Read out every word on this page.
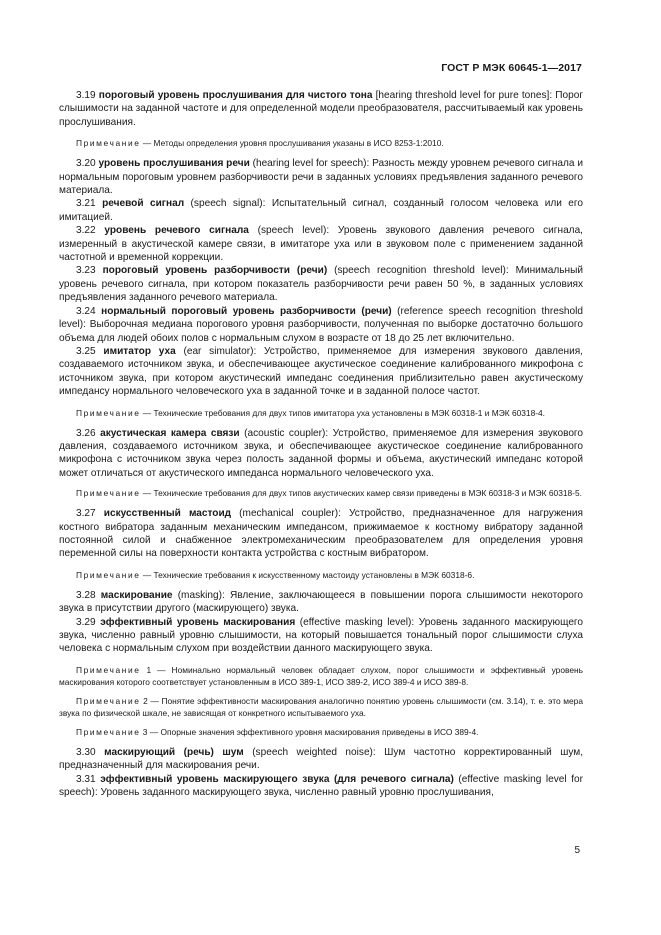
ГОСТ Р МЭК 60645-1—2017

3.19 пороговый уровень прослушивания для чистого тона [hearing threshold level for pure tones]: Порог слышимости на заданной частоте и для определенной модели преобразователя, рассчитываемый как уровень прослушивания.

Примечание — Методы определения уровня прослушивания указаны в ИСО 8253-1:2010.

3.20 уровень прослушивания речи (hearing level for speech): Разность между уровнем речевого сигнала и нормальным пороговым уровнем разборчивости речи в заданных условиях предъявления заданного речевого материала.

3.21 речевой сигнал (speech signal): Испытательный сигнал, созданный голосом человека или его имитацией.

3.22 уровень речевого сигнала (speech level): Уровень звукового давления речевого сигнала, измеренный в акустической камере связи, в имитаторе уха или в звуковом поле с применением заданной частотной и временной коррекции.

3.23 пороговый уровень разборчивости (речи) (speech recognition threshold level): Минимальный уровень речевого сигнала, при котором показатель разборчивости речи равен 50 %, в заданных условиях предъявления заданного речевого материала.

3.24 нормальный пороговый уровень разборчивости (речи) (reference speech recognition threshold level): Выборочная медиана порогового уровня разборчивости, полученная по выборке достаточно большого объема для людей обоих полов с нормальным слухом в возрасте от 18 до 25 лет включительно.

3.25 имитатор уха (ear simulator): Устройство, применяемое для измерения звукового давления, создаваемого источником звука, и обеспечивающее акустическое соединение калиброванного микрофона с источником звука, при котором акустический импеданс соединения приблизительно равен акустическому импедансу нормального человеческого уха в заданной точке и в заданной полосе частот.

Примечание — Технические требования для двух типов имитатора уха установлены в МЭК 60318-1 и МЭК 60318-4.

3.26 акустическая камера связи (acoustic coupler): Устройство, применяемое для измерения звукового давления, создаваемого источником звука, и обеспечивающее акустическое соединение калиброванного микрофона с источником звука через полость заданной формы и объема, акустический импеданс которой может отличаться от акустического импеданса нормального человеческого уха.

Примечание — Технические требования для двух типов акустических камер связи приведены в МЭК 60318-3 и МЭК 60318-5.

3.27 искусственный мастоид (mechanical coupler): Устройство, предназначенное для нагружения костного вибратора заданным механическим импедансом, прижимаемое к костному вибратору заданной постоянной силой и снабженное электромеханическим преобразователем для определения уровня переменной силы на поверхности контакта устройства с костным вибратором.

Примечание — Технические требования к искусственному мастоиду установлены в МЭК 60318-6.

3.28 маскирование (masking): Явление, заключающееся в повышении порога слышимости некоторого звука в присутствии другого (маскирующего) звука.

3.29 эффективный уровень маскирования (effective masking level): Уровень заданного маскирующего звука, численно равный уровню слышимости, на который повышается тональный порог слышимости слуха человека с нормальным слухом при воздействии данного маскирующего звука.

Примечание 1 — Номинально нормальный человек обладает слухом, порог слышимости и эффективный уровень маскирования которого соответствует установленным в ИСО 389-1, ИСО 389-2, ИСО 389-4 и ИСО 389-8.

Примечание 2 — Понятие эффективности маскирования аналогично понятию уровень слышимости (см. 3.14), т. е. это мера звука по физической шкале, не зависящая от конкретного испытываемого уха.

Примечание 3 — Опорные значения эффективного уровня маскирования приведены в ИСО 389-4.

3.30 маскирующий (речь) шум (speech weighted noise): Шум частотно корректированный шум, предназначенный для маскирования речи.

3.31 эффективный уровень маскирующего звука (для речевого сигнала) (effective masking level for speech): Уровень заданного маскирующего звука, численно равный уровню прослушивания,

5
